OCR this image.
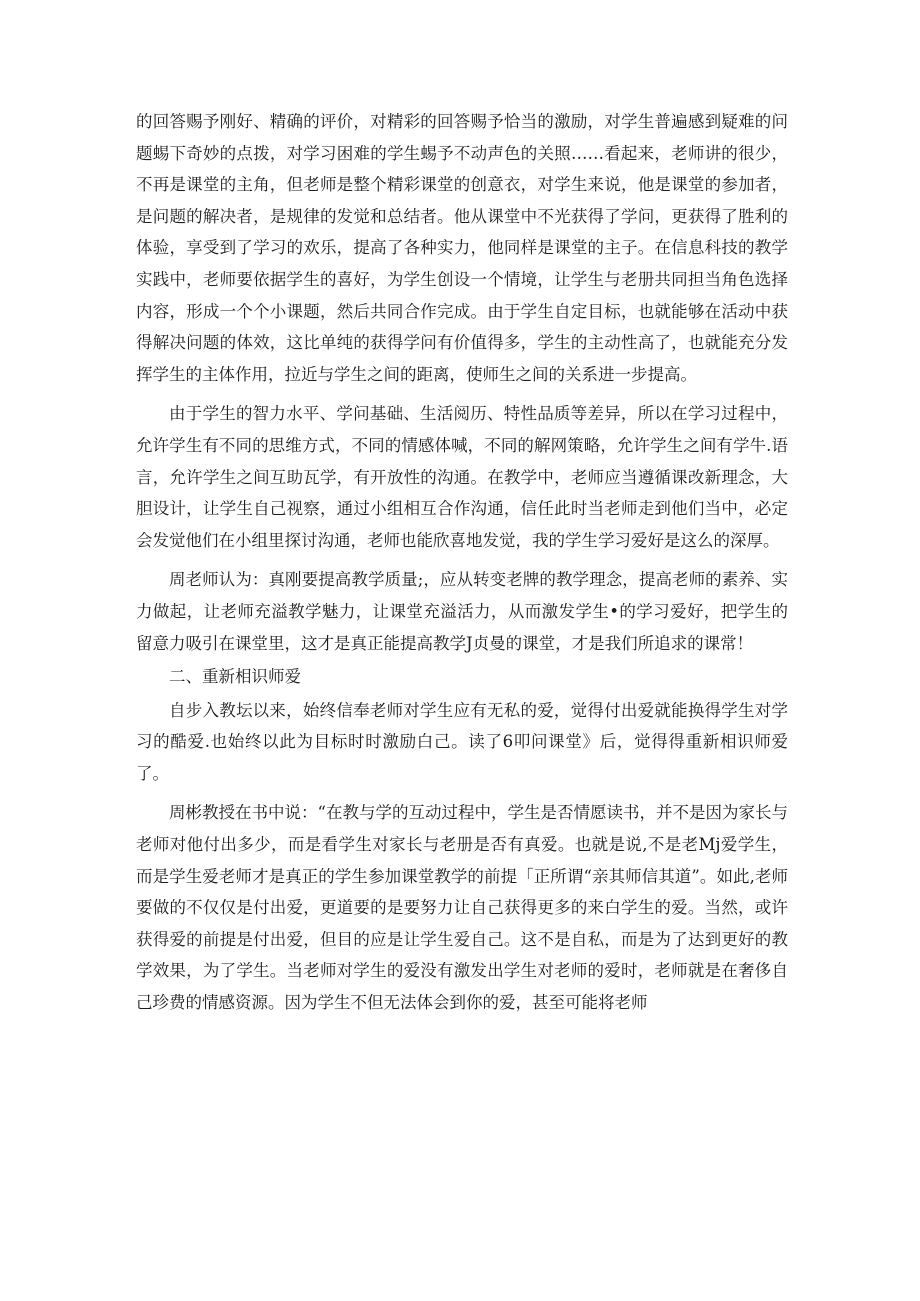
的回答赐予刚好、精确的评价，对精彩的回答赐予恰当的激励，对学生普遍感到疑难的问题蜴下奇妙的点拨，对学习困难的学生蜴予不动声色的关照……看起来，老师讲的很少，不再是课堂的主角，但老师是整个精彩课堂的创意衣，对学生来说，他是课堂的参加者，是问题的解决者，是规律的发觉和总结者。他从课堂中不光获得了学问，更获得了胜利的体验，享受到了学习的欢乐，提高了各种实力，他同样是课堂的主子。在信息科技的教学实践中，老师要依据学生的喜好，为学生创设一个情境，让学生与老册共同担当角色选择内容，形成一个个小课题，然后共同合作完成。由于学生自定目标，也就能够在活动中获得解决问题的体效，这比单纯的获得学问有价值得多，学生的主动性高了，也就能充分发挥学生的主体作用，拉近与学生之间的距离，使师生之间的关系进一步提高。

由于学生的智力水平、学问基础、生活阅历、特性品质等差异，所以在学习过程中，允许学生有不同的思维方式，不同的情感体喊，不同的解网策略，允许学生之间有学牛.语言，允许学生之间互助瓦学，有开放性的沟通。在教学中，老师应当遵循课改新理念，大胆设计，让学生自己视察，通过小组相互合作沟通，信任此时当老师走到他们当中，必定会发觉他们在小组里探讨沟通，老师也能欣喜地发觉，我的学生学习爱好是这么的深厚。

周老师认为：真刚要提高教学质量;，应从转变老牌的教学理念，提高老师的素养、实力做起，让老师充溢教学魅力，让课堂充溢活力，从而激发学生•的学习爱好，把学生的留意力吸引在课堂里，这才是真正能提高教学J贞曼的课堂，才是我们所追求的课常！

二、重新相识师爱

自步入教坛以来，始终信奉老师对学生应有无私的爱，觉得付出爱就能换得学生对学习的酷爱.也始终以此为目标时时激励白己。读了6叩问课堂》后，觉得得重新相识师爱了。

周彬教授在书中说：“在教与学的互动过程中，学生是否情愿读书，并不是因为家长与老师对他付出多少，而是看学生对家长与老册是否有真爱。也就是说,不是老Mj爱学生，而是学生爱老师才是真正的学生参加课堂教学的前提「正所谓“亲其师信其道”。如此,老师要做的不仅仅是付出爱，更道要的是要努力让自己获得更多的来白学生的爱。当然，或许获得爱的前提是付出爱，但目的应是让学生爱自己。这不是自私，而是为了达到更好的教学效果，为了学生。当老师对学生的爱没有激发出学生对老师的爱时，老师就是在奢侈自己珍费的情感资源。因为学生不但无法体会到你的爱，甚至可能将老师
